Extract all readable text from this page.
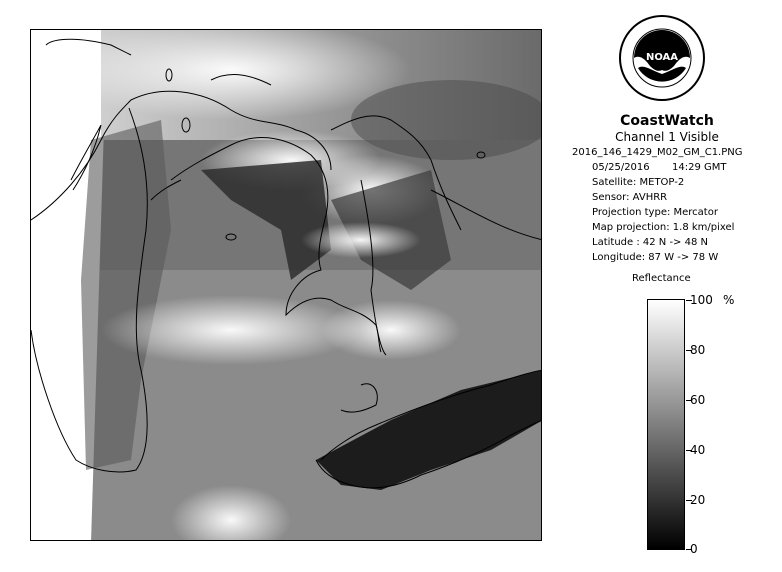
NOAA
CoastWatch
Channel 1 Visible
2016_146_1429_M02_GM_C1.PNG
05/25/2016 14:29 GMT
Satellite: METOP-2
Sensor: AVHRR
Projection type: Mercator
Map projection: 1.8 km/pixel
Latitude : 42 N -> 48 N
Longitude: 87 W -> 78 W
Reflectance
%
100
80
60
40
20
0
